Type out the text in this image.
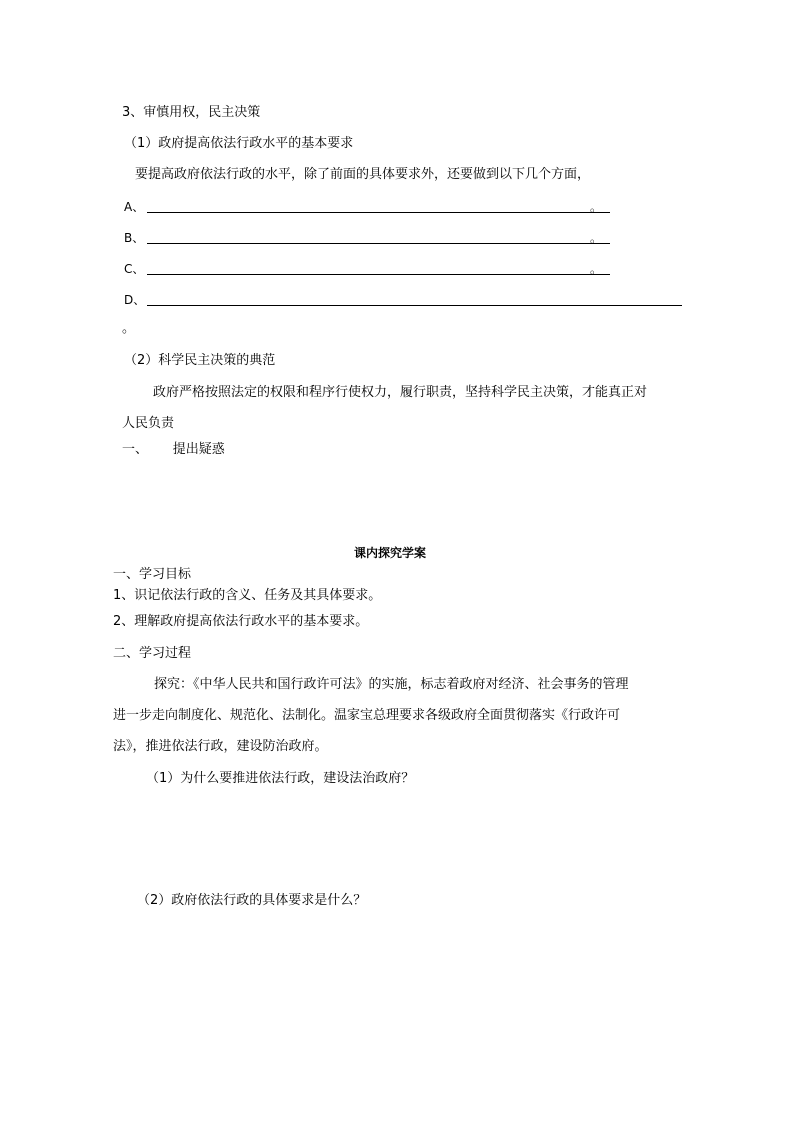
3、审慎用权，民主决策
（1）政府提高依法行政水平的基本要求
要提高政府依法行政的水平，除了前面的具体要求外，还要做到以下几个方面，
A、	。
B、	。
C、	。
D、
。
（2）科学民主决策的典范
政府严格按照法定的权限和程序行使权力，履行职责，坚持科学民主决策，才能真正对
人民负责
一、      提出疑惑
课内探究学案
一、学习目标
1、识记依法行政的含义、任务及其具体要求。
2、理解政府提高依法行政水平的基本要求。
二、学习过程
探究：《中华人民共和国行政许可法》的实施，标志着政府对经济、社会事务的管理
进一步走向制度化、规范化、法制化。温家宝总理要求各级政府全面贯彻落实《行政许可
法》，推进依法行政，建设防治政府。
（1）为什么要推进依法行政，建设法治政府？
（2）政府依法行政的具体要求是什么？
